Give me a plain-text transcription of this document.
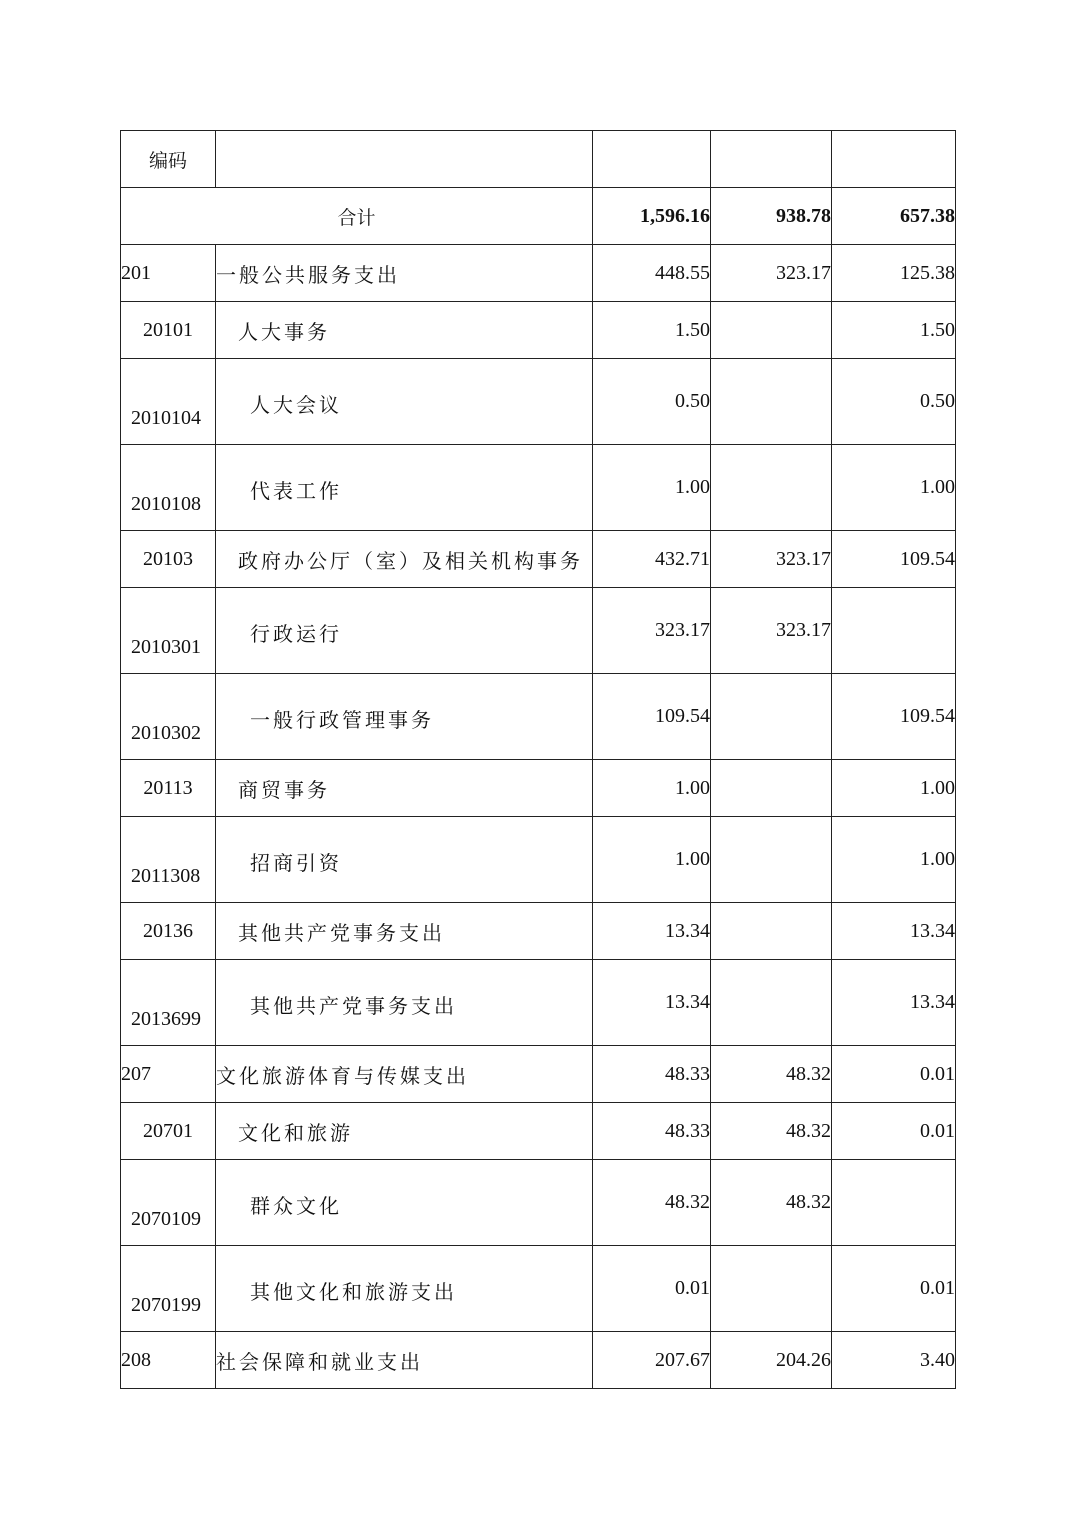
编码				
合计		1,596.16	938.78	657.38
201	一般公共服务支出	448.55	323.17	125.38
20101	人大事务	1.50		1.50
2010104	人大会议	0.50		0.50
2010108	代表工作	1.00		1.00
20103	政府办公厅（室）及相关机构事务	432.71	323.17	109.54
2010301	行政运行	323.17	323.17	
2010302	一般行政管理事务	109.54		109.54
20113	商贸事务	1.00		1.00
2011308	招商引资	1.00		1.00
20136	其他共产党事务支出	13.34		13.34
2013699	其他共产党事务支出	13.34		13.34
207	文化旅游体育与传媒支出	48.33	48.32	0.01
20701	文化和旅游	48.33	48.32	0.01
2070109	群众文化	48.32	48.32	
2070199	其他文化和旅游支出	0.01		0.01
208	社会保障和就业支出	207.67	204.26	3.40
